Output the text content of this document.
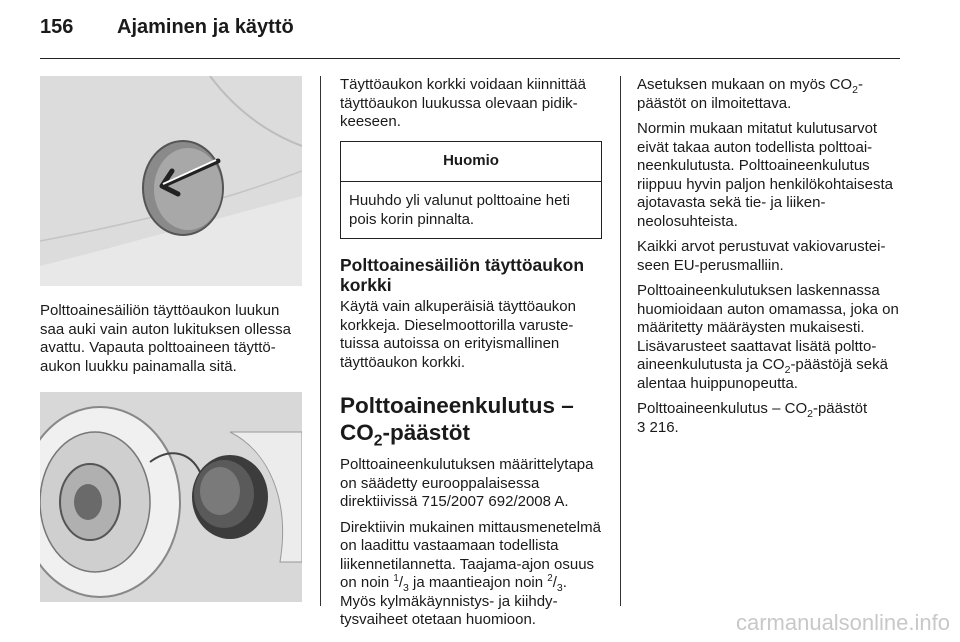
156 Ajaminen ja käyttö

Polttoainesäiliön täyttöaukon luukun saa auki vain auton lukituksen ollessa avattu. Vapauta polttoaineen täyttöaukon luukku painamalla sitä.

Täyttöaukon korkki voidaan kiinnittää täyttöaukon luukussa olevaan pidikkeeseen.

Huomio
Huuhdo yli valunut polttoaine heti pois korin pinnalta.
Polttoainesäiliön täyttöaukon korkki

Käytä vain alkuperäisiä täyttöaukon korkkeja. Dieselmoottorilla varustetuissa autoissa on erityismallinen täyttöaukon korkki.

Polttoaineenkulutus –
$CO_2$-päästöt

Polttoaineenkulutuksen määrittelytapa on säädetty eurooppalaisessa direktiivissä 715/2007 692/2008 A.

Direktiivin mukainen mittausmenetelmä on laadittu vastaamaan todellista liikennetilannetta. Taajama-ajon osuus on noin $^1/_3$ ja maantieajon noin $^2/_3$. Myös kylmäkäynnistys- ja kiihdytysvaiheet otetaan huomioon.

Asetuksen mukaan on myös $CO_2$-päästöt on ilmoitettava.

Normin mukaan mitatut kulutusarvot eivät takaa auton todellista polttoaineenkulutusta. Polttoaineenkulutus riippuu hyvin paljon henkilökohtaisesta ajotavasta sekä tie- ja liikenneolosuhteista.

Kaikki arvot perustuvat vakiovarusteiseen EU-perusmalliin.

Polttoaineenkulutuksen laskennassa huomioidaan auton omamassa, joka on määritetty määräysten mukaisesti. Lisävarusteet saattavat lisätä polttoaineenkulutusta ja $CO_2$-päästöjä sekä alentaa huippunopeutta.

Polttoaineenkulutus – $CO_2$-päästöt
3 216.

carmanualsonline.info
